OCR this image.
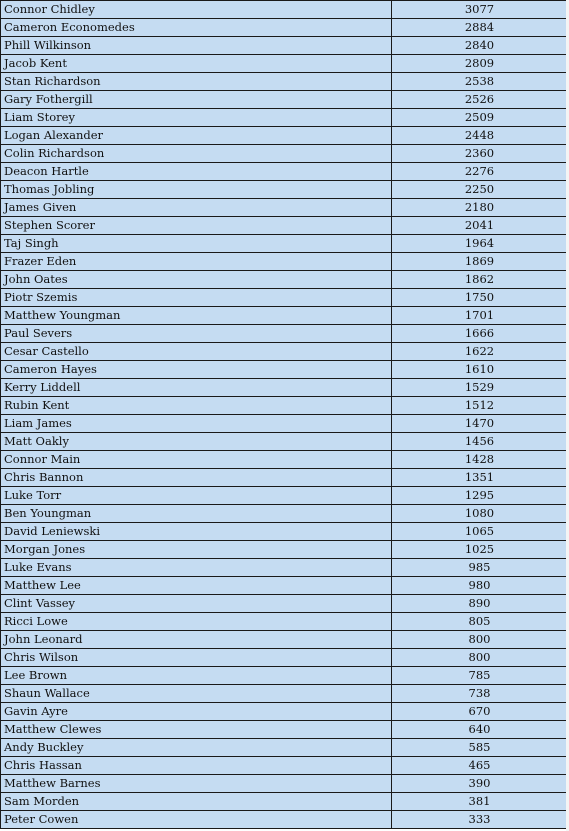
Connor Chidley	3077
Cameron Economedes	2884
Phill Wilkinson	2840
Jacob Kent	2809
Stan Richardson	2538
Gary Fothergill	2526
Liam Storey	2509
Logan Alexander	2448
Colin Richardson	2360
Deacon Hartle	2276
Thomas Jobling	2250
James Given	2180
Stephen Scorer	2041
Taj Singh	1964
Frazer Eden	1869
John Oates	1862
Piotr Szemis	1750
Matthew Youngman	1701
Paul Severs	1666
Cesar Castello	1622
Cameron Hayes	1610
Kerry Liddell	1529
Rubin Kent	1512
Liam James	1470
Matt Oakly	1456
Connor Main	1428
Chris Bannon	1351
Luke Torr	1295
Ben Youngman	1080
David Leniewski	1065
Morgan Jones	1025
Luke Evans	985
Matthew Lee	980
Clint Vassey	890
Ricci Lowe	805
John Leonard	800
Chris Wilson	800
Lee Brown	785
Shaun Wallace	738
Gavin Ayre	670
Matthew Clewes	640
Andy Buckley	585
Chris Hassan	465
Matthew Barnes	390
Sam Morden	381
Peter Cowen	333
